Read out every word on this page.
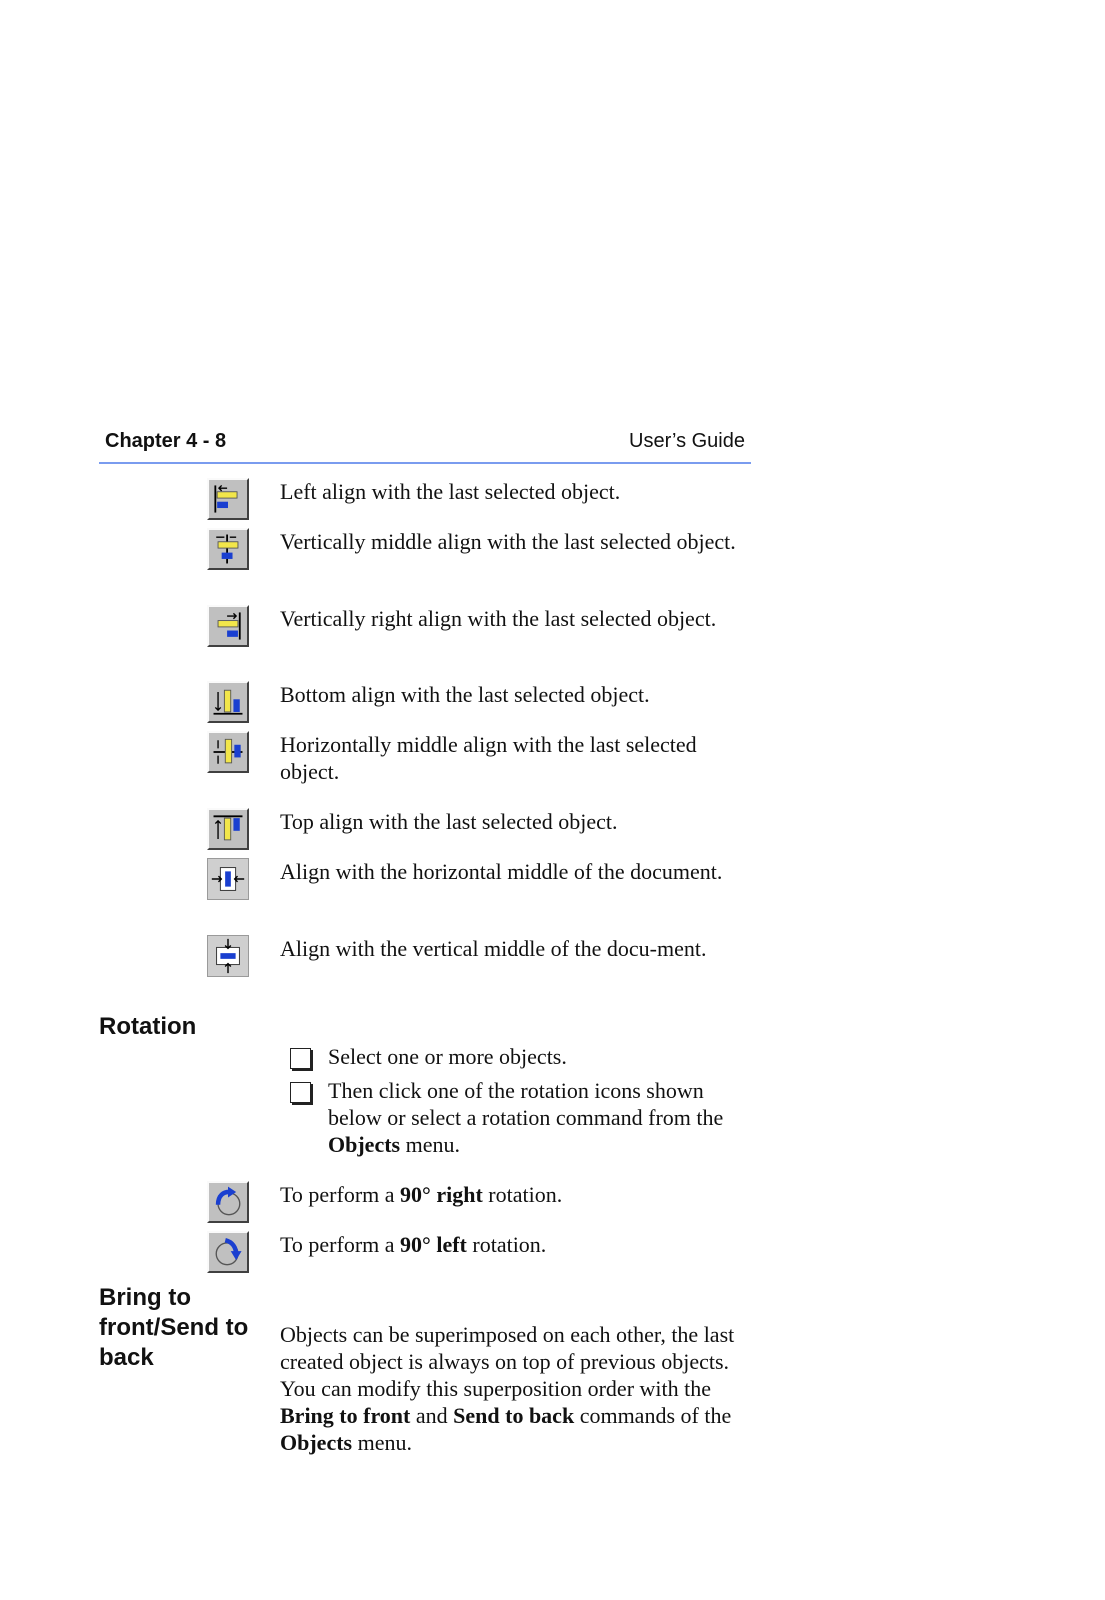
Chapter 4 - 8	User’s Guide
Left align with the last selected object.
Vertically middle align with the last selected object.
Vertically right align with the last selected object.
Bottom align with the last selected object.
Horizontally middle align with the last selected object.
Top align with the last selected object.
Align with the horizontal middle of the document.
Align with the vertical middle of the docu-ment.
Rotation
Select one or more objects.
Then click one of the rotation icons shown below or select a rotation command from the Objects menu.
To perform a 90° right rotation.
To perform a 90° left rotation.
Bring to front/Send to back
Objects can be superimposed on each other, the last created object is always on top of previous objects. You can modify this superposition order with the Bring to front and Send to back commands of the Objects menu.
